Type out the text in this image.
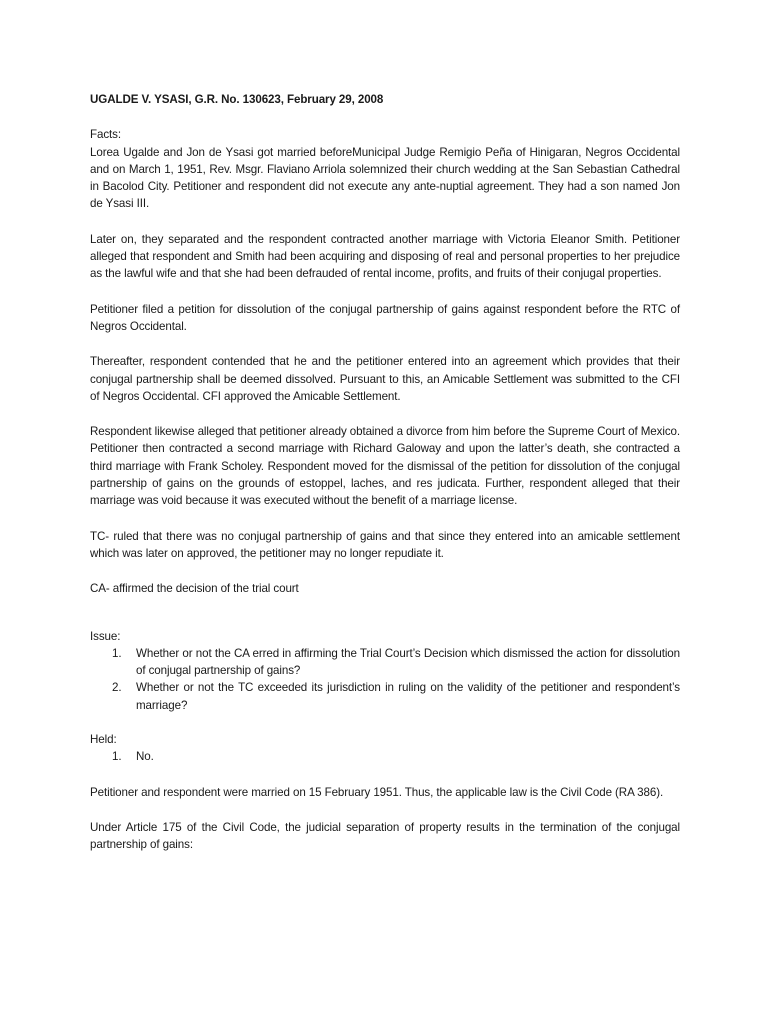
UGALDE V. YSASI, G.R. No. 130623, February 29, 2008

Facts:

Lorea Ugalde and Jon de Ysasi got married beforeMunicipal Judge Remigio Peña of Hinigaran, Negros Occidental and on March 1, 1951, Rev. Msgr. Flaviano Arriola solemnized their church wedding at the San Sebastian Cathedral in Bacolod City. Petitioner and respondent did not execute any ante-nuptial agreement. They had a son named Jon de Ysasi III.

Later on, they separated and the respondent contracted another marriage with Victoria Eleanor Smith. Petitioner alleged that respondent and Smith had been acquiring and disposing of real and personal properties to her prejudice as the lawful wife and that she had been defrauded of rental income, profits, and fruits of their conjugal properties.

Petitioner filed a petition for dissolution of the conjugal partnership of gains against respondent before the RTC of Negros Occidental.

Thereafter, respondent contended that he and the petitioner entered into an agreement which provides that their conjugal partnership shall be deemed dissolved. Pursuant to this, an Amicable Settlement was submitted to the CFI of Negros Occidental. CFI approved the Amicable Settlement.

Respondent likewise alleged that petitioner already obtained a divorce from him before the Supreme Court of Mexico. Petitioner then contracted a second marriage with Richard Galoway and upon the latter’s death, she contracted a third marriage with Frank Scholey. Respondent moved for the dismissal of the petition for dissolution of the conjugal partnership of gains on the grounds of estoppel, laches, and res judicata. Further, respondent alleged that their marriage was void because it was executed without the benefit of a marriage license.

TC- ruled that there was no conjugal partnership of gains and that since they entered into an amicable settlement which was later on approved, the petitioner may no longer repudiate it.

CA- affirmed the decision of the trial court

Issue:

1. Whether or not the CA erred in affirming the Trial Court’s Decision which dismissed the action for dissolution of conjugal partnership of gains?
2. Whether or not the TC exceeded its jurisdiction in ruling on the validity of the petitioner and respondent’s marriage?

Held:

1. No.

Petitioner and respondent were married on 15 February 1951. Thus, the applicable law is the Civil Code (RA 386).

Under Article 175 of the Civil Code, the judicial separation of property results in the termination of the conjugal partnership of gains:
